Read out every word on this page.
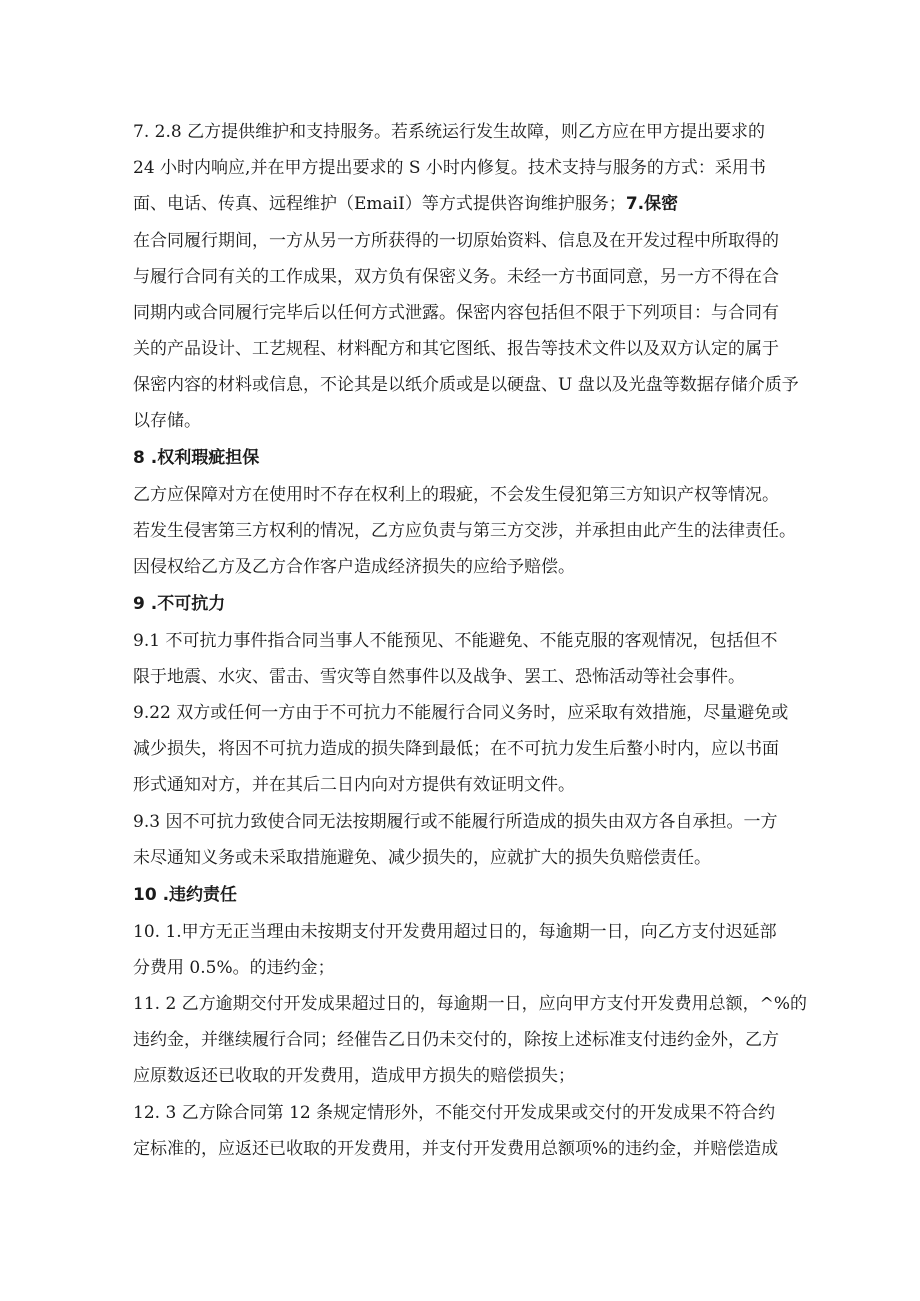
7. 2.8 乙方提供维护和支持服务。若系统运行发生故障，则乙方应在甲方提出要求的
24 小时内响应,并在甲方提出要求的 S 小时内修复。技术支持与服务的方式：采用书
面、电话、传真、远程维护（EmaiI）等方式提供咨询维护服务；7.保密
在合同履行期间，一方从另一方所获得的一切原始资料、信息及在开发过程中所取得的
与履行合同有关的工作成果，双方负有保密义务。未经一方书面同意，另一方不得在合
同期内或合同履行完毕后以任何方式泄露。保密内容包括但不限于下列项目：与合同有
关的产品设计、工艺规程、材料配方和其它图纸、报告等技术文件以及双方认定的属于
保密内容的材料或信息，不论其是以纸介质或是以硬盘、U 盘以及光盘等数据存储介质予
以存储。
8 .权利瑕疵担保
乙方应保障对方在使用时不存在权利上的瑕疵，不会发生侵犯第三方知识产权等情况。
若发生侵害第三方权利的情况，乙方应负责与第三方交涉，并承担由此产生的法律责任。
因侵权给乙方及乙方合作客户造成经济损失的应给予赔偿。
9 .不可抗力
9.1 不可抗力事件指合同当事人不能预见、不能避免、不能克服的客观情况，包括但不
限于地震、水灾、雷击、雪灾等自然事件以及战争、罢工、恐怖活动等社会事件。
9.22 双方或任何一方由于不可抗力不能履行合同义务时，应采取有效措施，尽量避免或
减少损失，将因不可抗力造成的损失降到最低；在不可抗力发生后螯小时内，应以书面
形式通知对方，并在其后二日内向对方提供有效证明文件。
9.3 因不可抗力致使合同无法按期履行或不能履行所造成的损失由双方各自承担。一方
未尽通知义务或未采取措施避免、减少损失的，应就扩大的损失负赔偿责任。
10 .违约责任
10. 1.甲方无正当理由未按期支付开发费用超过日的，每逾期一日，向乙方支付迟延部
分费用 0.5%。的违约金；
11. 2 乙方逾期交付开发成果超过日的，每逾期一日，应向甲方支付开发费用总额，^%的
违约金，并继续履行合同；经催告乙日仍未交付的，除按上述标准支付违约金外，乙方
应原数返还已收取的开发费用，造成甲方损失的赔偿损失；
12. 3 乙方除合同第 12 条规定情形外，不能交付开发成果或交付的开发成果不符合约
定标准的，应返还已收取的开发费用，并支付开发费用总额项%的违约金，并赔偿造成
